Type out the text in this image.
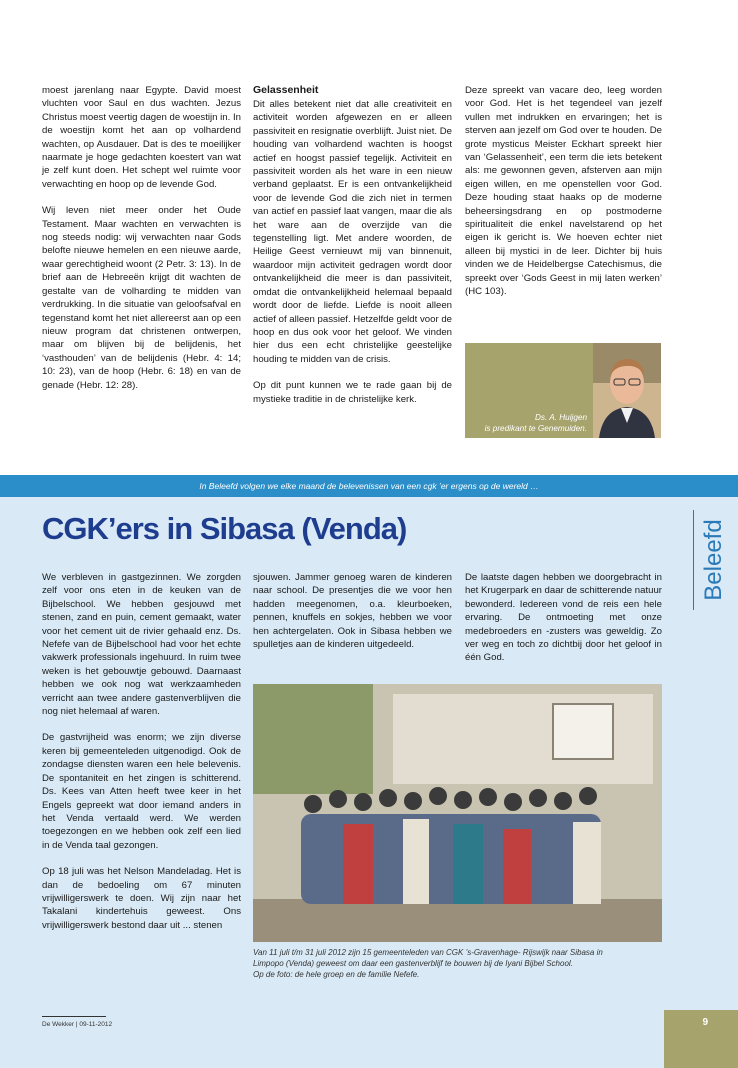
moest jarenlang naar Egypte. David moest vluchten voor Saul en dus wachten. Jezus Christus moest veertig dagen de woestijn in. In de woestijn komt het aan op volhardend wachten, op Ausdauer. Dat is des te moeilijker naarmate je hoge gedachten koestert van wat je zelf kunt doen. Het schept wel ruimte voor verwachting en hoop op de levende God.

Wij leven niet meer onder het Oude Testament. Maar wachten en verwachten is nog steeds nodig: wij verwachten naar Gods belofte nieuwe hemelen en een nieuwe aarde, waar gerechtigheid woont (2 Petr. 3: 13). In de brief aan de Hebreeën krijgt dit wachten de gestalte van de volharding te midden van verdrukking. In die situatie van geloofsafval en tegenstand komt het niet allereerst aan op een nieuw program dat christenen ontwerpen, maar om blijven bij de belijdenis, het ‘vasthouden’ van de belijdenis (Hebr. 4: 14; 10: 23), van de hoop (Hebr. 6: 18) en van de genade (Hebr. 12: 28).

Gelassenheit

Dit alles betekent niet dat alle creativiteit en activiteit worden afgewezen en er alleen passiviteit en resignatie overblijft. Juist niet. De houding van volhardend wachten is hoogst actief en hoogst passief tegelijk. Activiteit en passiviteit worden als het ware in een nieuw verband geplaatst. Er is een ontvankelijkheid voor de levende God die zich niet in termen van actief en passief laat vangen, maar die als het ware aan de overzijde van die tegenstelling ligt. Met andere woorden, de Heilige Geest vernieuwt mij van binnenuit, waardoor mijn activiteit gedragen wordt door ontvankelijkheid die meer is dan passiviteit, omdat die ontvankelijkheid helemaal bepaald wordt door de liefde. Liefde is nooit alleen actief of alleen passief. Hetzelfde geldt voor de hoop en dus ook voor het geloof. We vinden hier dus een echt christelijke geestelijke houding te midden van de crisis.

Op dit punt kunnen we te rade gaan bij de mystieke traditie in de christelijke kerk.

Deze spreekt van vacare deo, leeg worden voor God. Het is het tegendeel van jezelf vullen met indrukken en ervaringen; het is sterven aan jezelf om God over te houden. De grote mysticus Meister Eckhart spreekt hier van ‘Gelassenheit’, een term die iets betekent als: me gewonnen geven, afsterven aan mijn eigen willen, en me openstellen voor God. Deze houding staat haaks op de moderne beheersingsdrang en op postmoderne spiritualiteit die enkel navelstarend op het eigen ik gericht is. We hoeven echter niet alleen bij mystici in de leer. Dichter bij huis vinden we de Heidelbergse Catechismus, die spreekt over ‘Gods Geest in mij laten werken’ (HC 103).

Ds. A. Huijgen
is predikant te Genemuiden.
In Beleefd volgen we elke maand de belevenissen van een cgk ’er ergens op de wereld …
CGK’ers in Sibasa (Venda)	Beleefd

We verbleven in gastgezinnen. We zorgden zelf voor ons eten in de keuken van de Bijbelschool. We hebben gesjouwd met stenen, zand en puin, cement gemaakt, water voor het cement uit de rivier gehaald enz. Ds. Nefefe van de Bijbelschool had voor het echte vakwerk professionals ingehuurd. In ruim twee weken is het gebouwtje gebouwd. Daarnaast hebben we ook nog wat werkzaamheden verricht aan twee andere gastenverblijven die nog niet helemaal af waren.

De gastvrijheid was enorm; we zijn diverse keren bij gemeenteleden uitgenodigd. Ook de zondagse diensten waren een hele belevenis. De spontaniteit en het zingen is schitterend. Ds. Kees van Atten heeft twee keer in het Engels gepreekt wat door iemand anders in het Venda vertaald werd. We werden toegezongen en we hebben ook zelf een lied in de Venda taal gezongen.

Op 18 juli was het Nelson Mandeladag. Het is dan de bedoeling om 67 minuten vrijwilligerswerk te doen. Wij zijn naar het Takalani kindertehuis geweest. Ons vrijwilligerswerk bestond daar uit ... stenen

sjouwen. Jammer genoeg waren de kinderen naar school. De presentjes die we voor hen hadden meegenomen, o.a. kleurboeken, pennen, knuffels en sokjes, hebben we voor hen achtergelaten. Ook in Sibasa hebben we spulletjes aan de kinderen uitgedeeld.

De laatste dagen hebben we doorgebracht in het Krugerpark en daar de schitterende natuur bewonderd. Iedereen vond de reis een hele ervaring. De ontmoeting met onze medebroeders en -zusters was geweldig. Zo ver weg en toch zo dichtbij door het geloof in één God.

Van 11 juli t/m 31 juli 2012 zijn 15 gemeenteleden van CGK ’s-Gravenhage- Rijswijk naar Sibasa in
Limpopo (Venda) geweest om daar een gastenverblijf te bouwen bij de Iyani Bijbel School.
Op de foto: de hele groep en de familie Nefefe.
De Wekker | 09-11-2012	9
